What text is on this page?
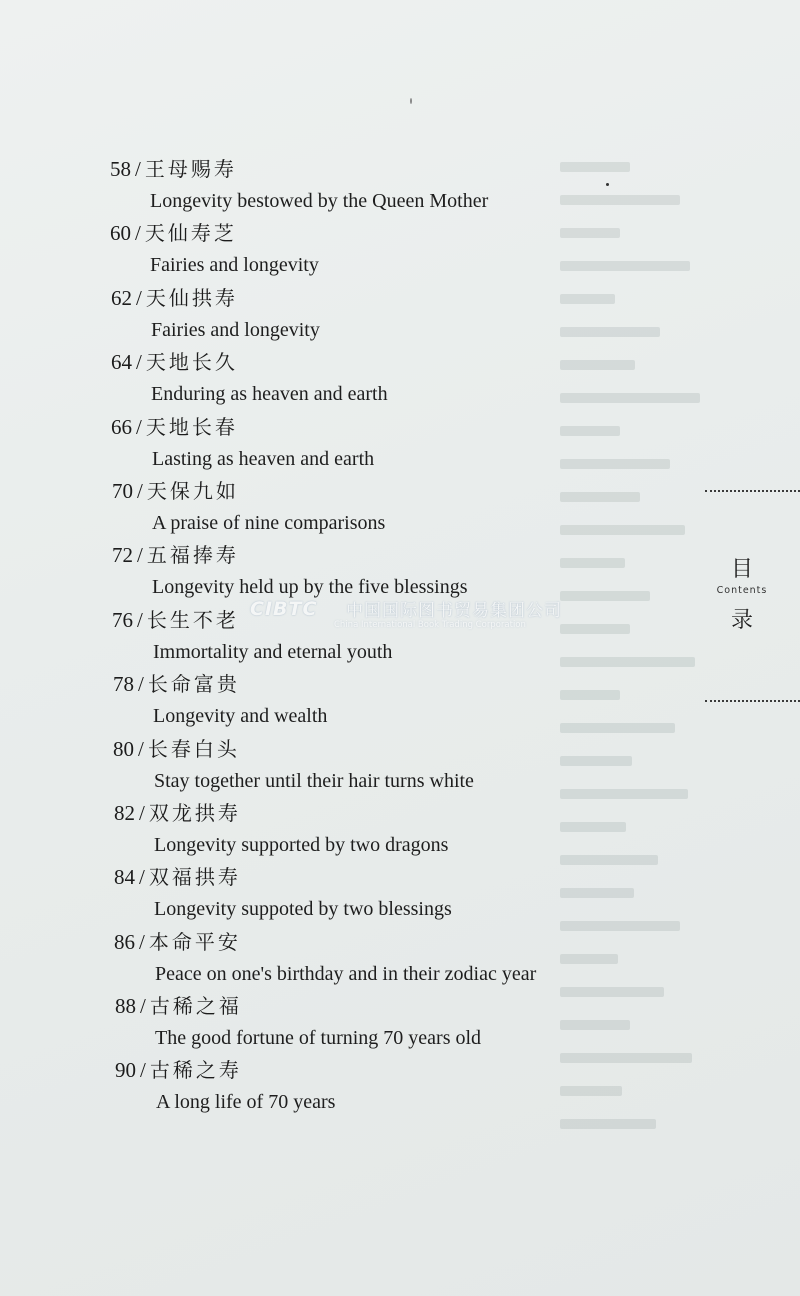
58 / 王母赐寿
Longevity bestowed by the Queen Mother
60 / 天仙寿芝
Fairies and longevity
62 / 天仙拱寿
Fairies and longevity
64 / 天地长久
Enduring as heaven and earth
66 / 天地长春
Lasting as heaven and earth
70 / 天保九如
A praise of nine comparisons
72 / 五福捧寿
Longevity held up by the five blessings
76 / 长生不老
Immortality and eternal youth
78 / 长命富贵
Longevity and wealth
80 / 长春白头
Stay together until their hair turns white
82 / 双龙拱寿
Longevity supported by two dragons
84 / 双福拱寿
Longevity suppoted by two blessings
86 / 本命平安
Peace on one's birthday and in their zodiac year
88 / 古稀之福
The good fortune of turning 70 years old
90 / 古稀之寿
A long life of 70 years
目
Contents
录
CIBTC 中国国际图书贸易集团公司
China International Book Trading Corporation
